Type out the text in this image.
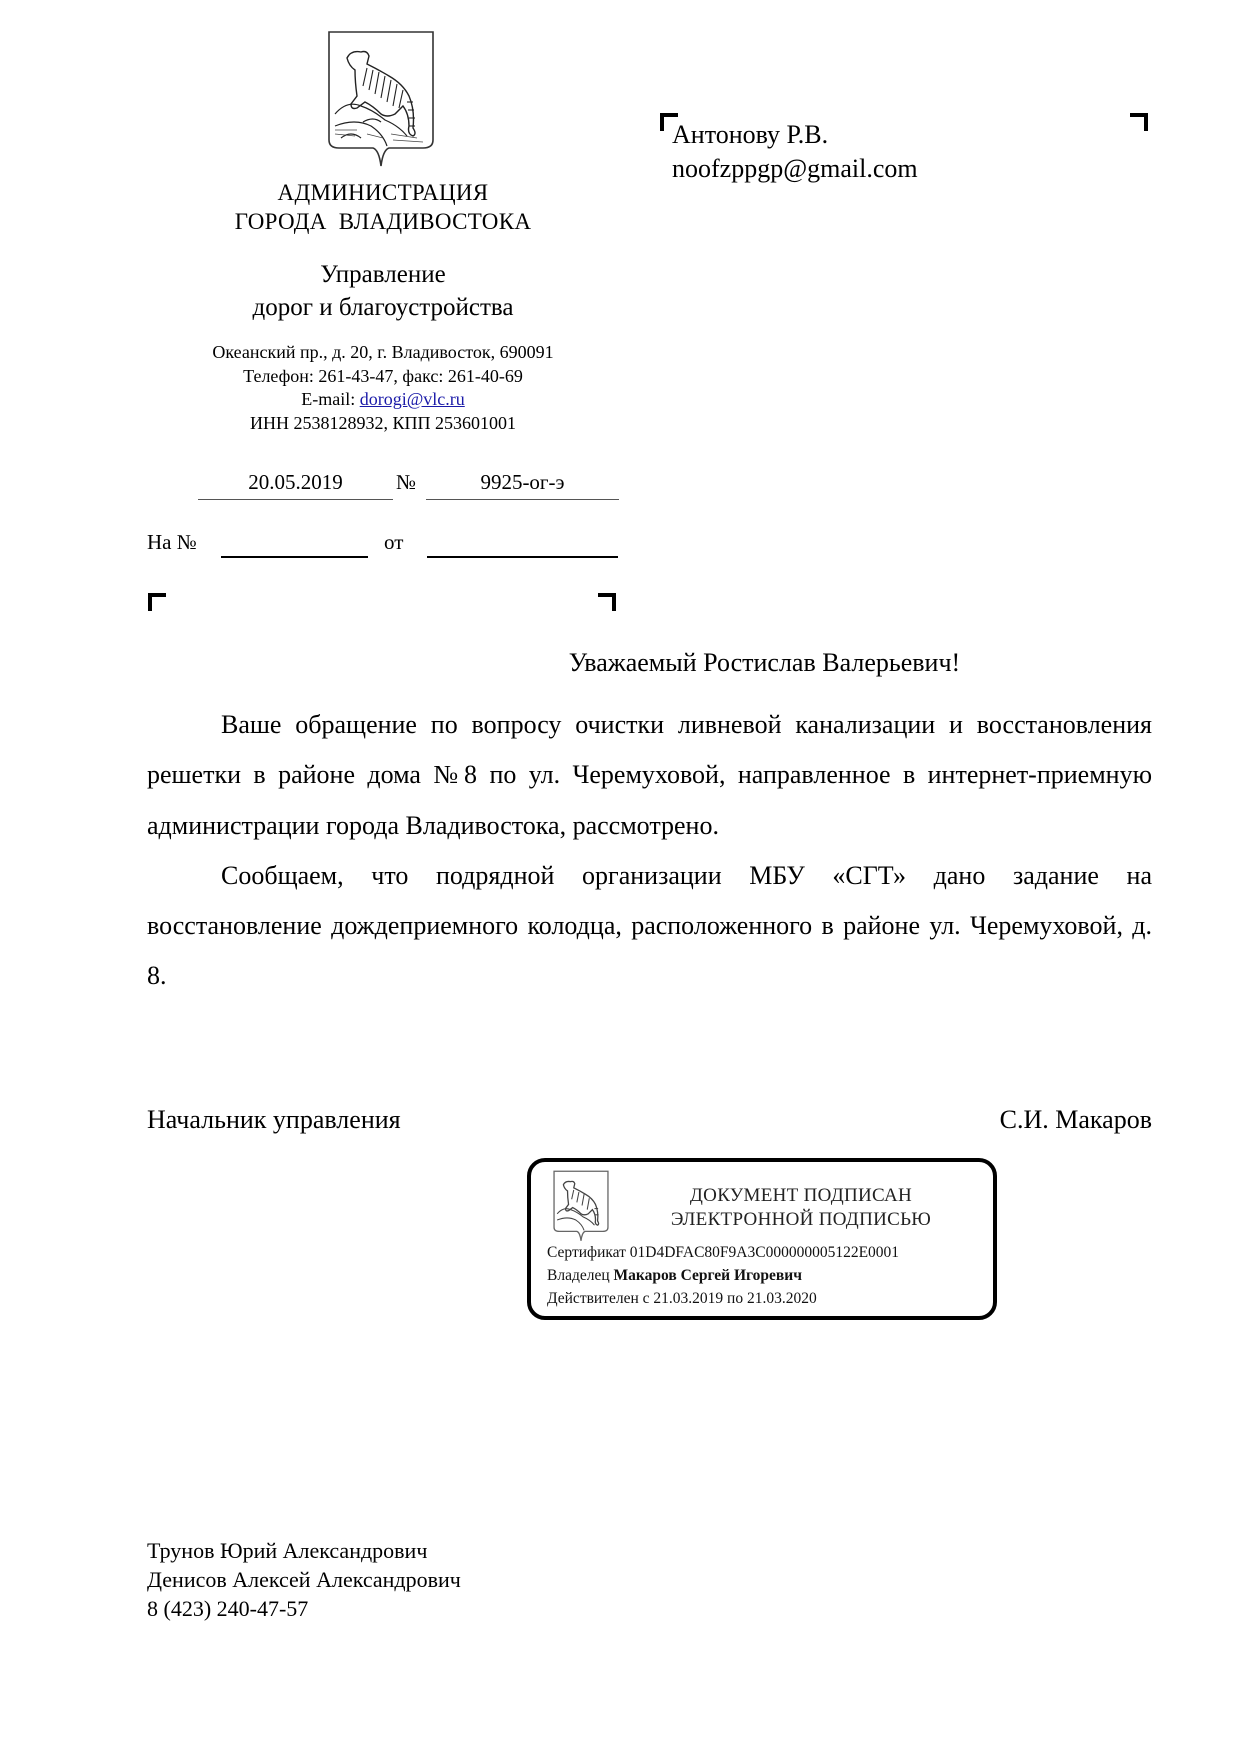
АДМИНИСТРАЦИЯ
ГОРОДА  ВЛАДИВОСТОКА
Управление
дорог и благоустройства
Океанский пр., д. 20, г. Владивосток, 690091
Телефон: 261-43-47, факс: 261-40-69
E-mail: dorogi@vlc.ru
ИНН 2538128932, КПП 253601001
20.05.2019	№	9925-ог-э
На №	от
Антонову Р.В.
noofzppgp@gmail.com
Уважаемый Ростислав Валерьевич!

Ваше обращение по вопросу очистки ливневой канализации и восстановления решетки в районе дома №8 по ул. Черемуховой, направленное в интернет-приемную администрации города Владивостока, рассмотрено.

Сообщаем, что подрядной организации МБУ «СГТ» дано задание на восстановление дождеприемного колодца, расположенного в районе ул. Черемуховой, д. 8.

Начальник управления	С.И. Макаров
ДОКУМЕНТ ПОДПИСАН
ЭЛЕКТРОННОЙ ПОДПИСЬЮ
Сертификат 01D4DFAC80F9A3C000000005122E0001
Владелец Макаров Сергей Игоревич
Действителен с 21.03.2019 по 21.03.2020
Трунов Юрий Александрович
Денисов Алексей Александрович
8 (423) 240-47-57
